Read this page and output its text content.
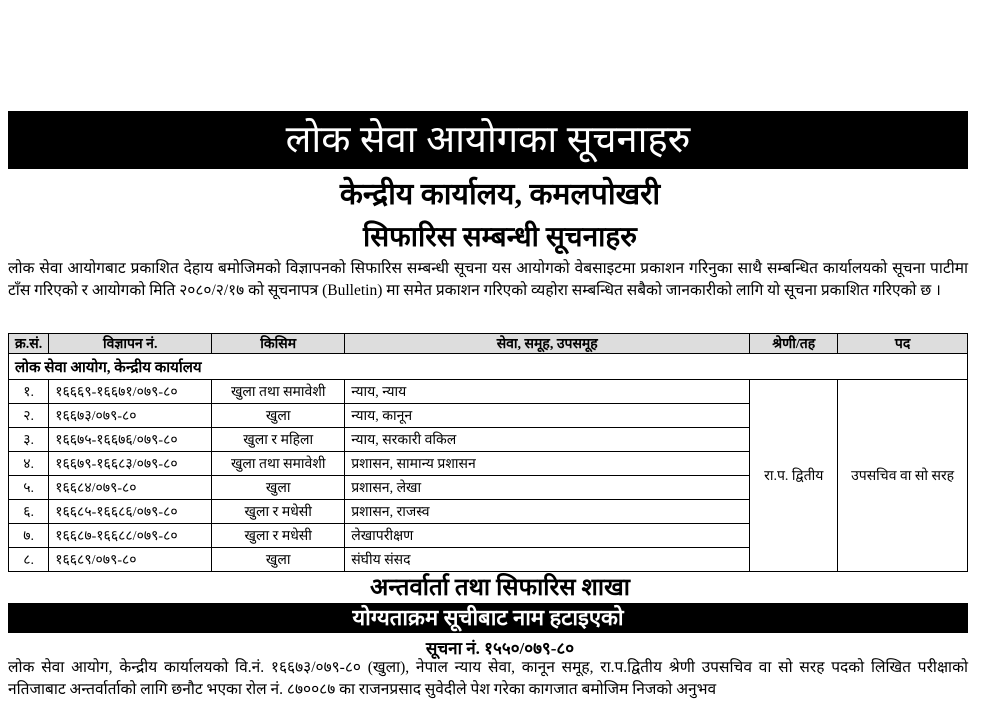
लोक सेवा आयोगका सूचनाहरु
केन्द्रीय कार्यालय, कमलपोखरी
सिफारिस सम्बन्धी सूचनाहरु
लोक सेवा आयोगबाट प्रकाशित देहाय बमोजिमको विज्ञापनको सिफारिस सम्बन्धी सूचना यस आयोगको वेबसाइटमा प्रकाशन गरिनुका साथै सम्बन्धित कार्यालयको सूचना पाटीमा टाँस गरिएको र आयोगको मिति २०८०/२/१७ को सूचनापत्र (Bulletin) मा समेत प्रकाशन गरिएको व्यहोरा सम्बन्धित सबैको जानकारीको लागि यो सूचना प्रकाशित गरिएको छ ।
क्र.सं.	विज्ञापन नं.	किसिम	सेवा, समूह, उपसमूह	श्रेणी/तह	पद
लोक सेवा आयोग, केन्द्रीय कार्यालय					
१.	१६६६९-१६६७१/०७९-८०	खुला तथा समावेशी	न्याय, न्याय	रा.प. द्वितीय	उपसचिव वा सो सरह
२.	१६६७३/०७९-८०	खुला	न्याय, कानून		
३.	१६६७५-१६६७६/०७९-८०	खुला र महिला	न्याय, सरकारी वकिल		
४.	१६६७९-१६६८३/०७९-८०	खुला तथा समावेशी	प्रशासन, सामान्य प्रशासन		
५.	१६६८४/०७९-८०	खुला	प्रशासन, लेखा		
६.	१६६८५-१६६८६/०७९-८०	खुला र मधेसी	प्रशासन, राजस्व		
७.	१६६८७-१६६८८/०७९-८०	खुला र मधेसी	लेखापरीक्षण		
८.	१६६८९/०७९-८०	खुला	संघीय संसद		
अन्तर्वार्ता तथा सिफारिस शाखा
योग्यताक्रम सूचीबाट नाम हटाइएको
सूचना नं. १५५०/०७९-८०
लोक सेवा आयोग, केन्द्रीय कार्यालयको वि.नं. १६६७३/०७९-८० (खुला), नेपाल न्याय सेवा, कानून समूह, रा.प.द्वितीय श्रेणी उपसचिव वा सो सरह पदको लिखित परीक्षाको नतिजाबाट अन्तर्वार्ताको लागि छनौट भएका रोल नं. ८७००८७ का राजनप्रसाद सुवेदीले पेश गरेका कागजात बमोजिम निजको अनुभव
